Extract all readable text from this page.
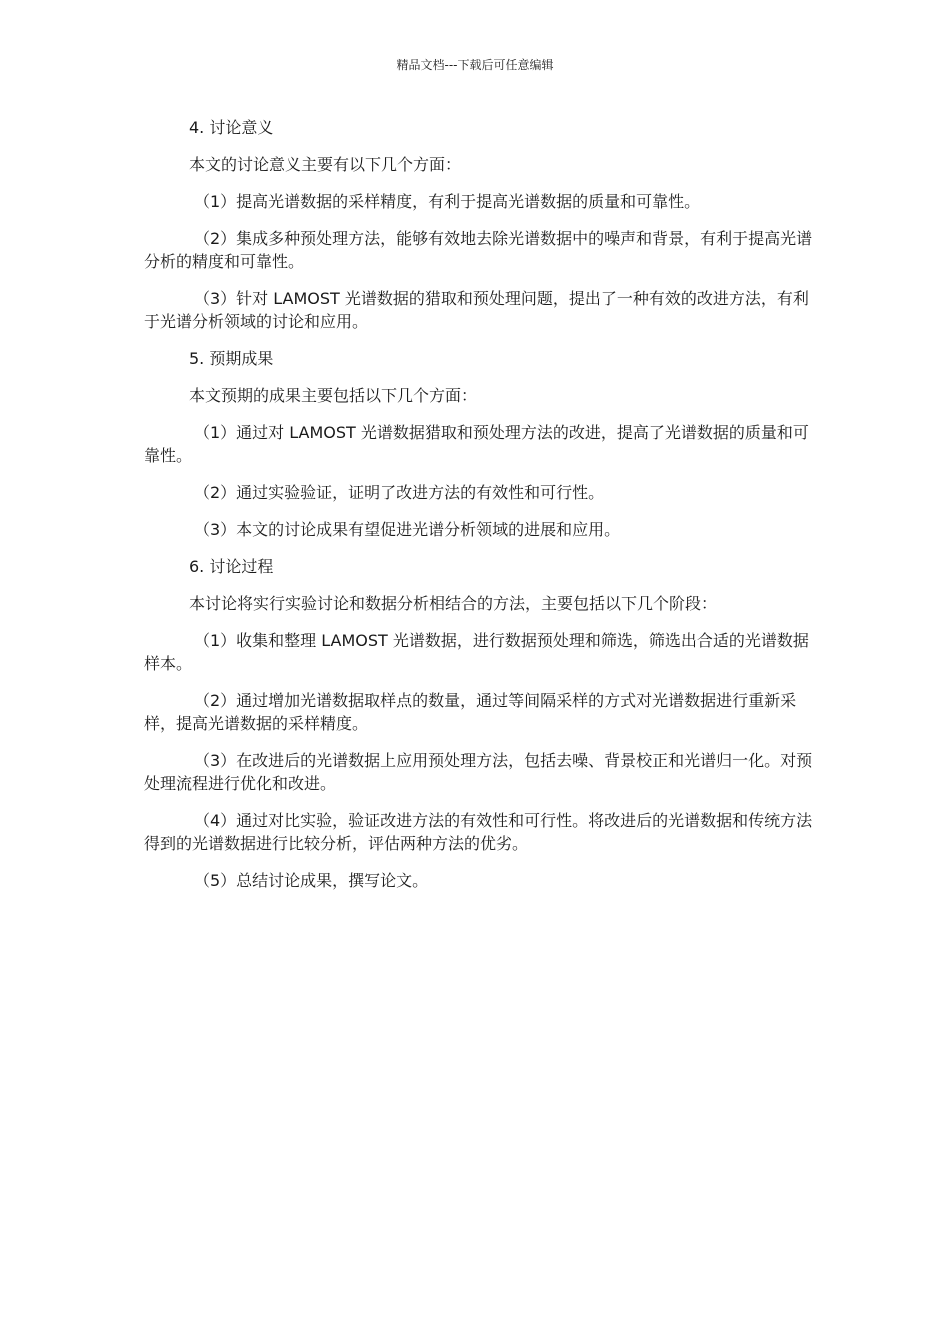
精品文档---下载后可任意编辑

4. 讨论意义

本文的讨论意义主要有以下几个方面：

（1）提高光谱数据的采样精度，有利于提高光谱数据的质量和可靠性。

（2）集成多种预处理方法，能够有效地去除光谱数据中的噪声和背景，有利于提高光谱分析的精度和可靠性。

（3）针对 LAMOST 光谱数据的猎取和预处理问题，提出了一种有效的改进方法，有利于光谱分析领域的讨论和应用。

5. 预期成果

本文预期的成果主要包括以下几个方面：

（1）通过对 LAMOST 光谱数据猎取和预处理方法的改进，提高了光谱数据的质量和可靠性。

（2）通过实验验证，证明了改进方法的有效性和可行性。

（3）本文的讨论成果有望促进光谱分析领域的进展和应用。

6. 讨论过程

本讨论将实行实验讨论和数据分析相结合的方法，主要包括以下几个阶段：

（1）收集和整理 LAMOST 光谱数据，进行数据预处理和筛选，筛选出合适的光谱数据样本。

（2）通过增加光谱数据取样点的数量，通过等间隔采样的方式对光谱数据进行重新采样，提高光谱数据的采样精度。

（3）在改进后的光谱数据上应用预处理方法，包括去噪、背景校正和光谱归一化。对预处理流程进行优化和改进。

（4）通过对比实验，验证改进方法的有效性和可行性。将改进后的光谱数据和传统方法得到的光谱数据进行比较分析，评估两种方法的优劣。

（5）总结讨论成果，撰写论文。
